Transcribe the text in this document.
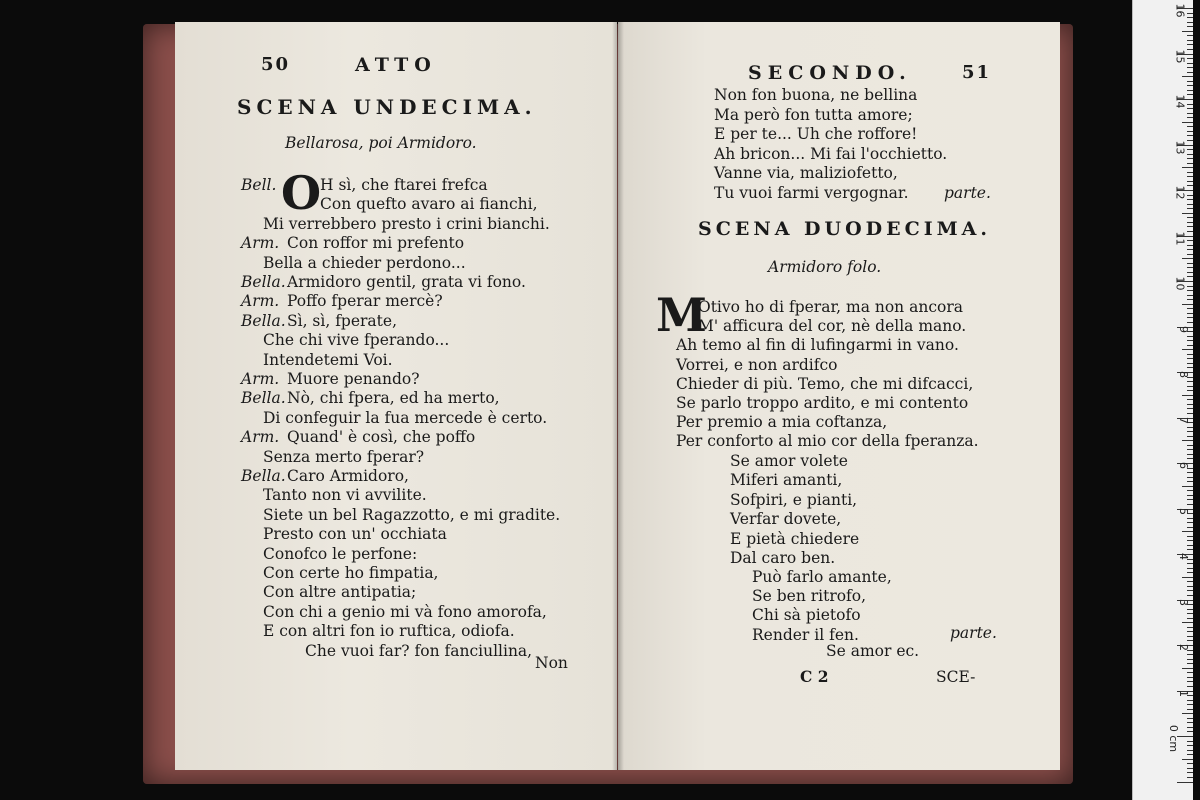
50	ATTO
SCENA UNDECIMA.
Bellarosa, poi Armidoro.
O
Bell.	H sì, che ftarei frefca
Con quefto avaro ai fianchi,
Mi verrebbero presto i crini bianchi.
Arm. Con roffor mi prefento
Bella a chieder perdono...
Bella. Armidoro gentil, grata vi fono.
Arm. Poffo fperar mercè?
Bella. Sì, sì, fperate,
Che chi vive fperando...
Intendetemi Voi.
Arm. Muore penando?
Bella. Nò, chi fpera, ed ha merto,
Di confeguir la fua mercede è certo.
Arm. Quand' è così, che poffo
Senza merto fperar?
Bella. Caro Armidoro,
Tanto non vi avvilite.
Siete un bel Ragazzotto, e mi gradite.
Presto con un' occhiata
Conofco le perfone:
Con certe ho fimpatia,
Con altre antipatia;
Con chi a genio mi và fono amorofa,
E con altri fon io ruftica, odiofa.
Che vuoi far? fon fanciullina,
Non
SECONDO.	51
Non fon buona, ne bellina
Ma però fon tutta amore;
E per te... Uh che roffore!
Ah bricon... Mi fai l'occhietto.
Vanne via, maliziofetto,
Tu vuoi farmi vergognar. parte.
SCENA DUODECIMA.
Armidoro folo.
M
Otivo ho di fperar, ma non ancora
M' afficura del cor, nè della mano.
Ah temo al fin di lufingarmi in vano.
Vorrei, e non ardifco
Chieder di più. Temo, che mi difcacci,
Se parlo troppo ardito, e mi contento
Per premio a mia coftanza,
Per conforto al mio cor della fperanza.
Se amor volete
Miferi amanti,
Sofpiri, e pianti,
Verfar dovete,
E pietà chiedere
Dal caro ben.
Può farlo amante,
Se ben ritrofo,
Chi sà pietofo
Render il fen.	parte.
Se amor ec.
C 2	SCE-
16
15
14
13
12
11
10
9
8
7
6
5
4
3
2
1
0 cm
